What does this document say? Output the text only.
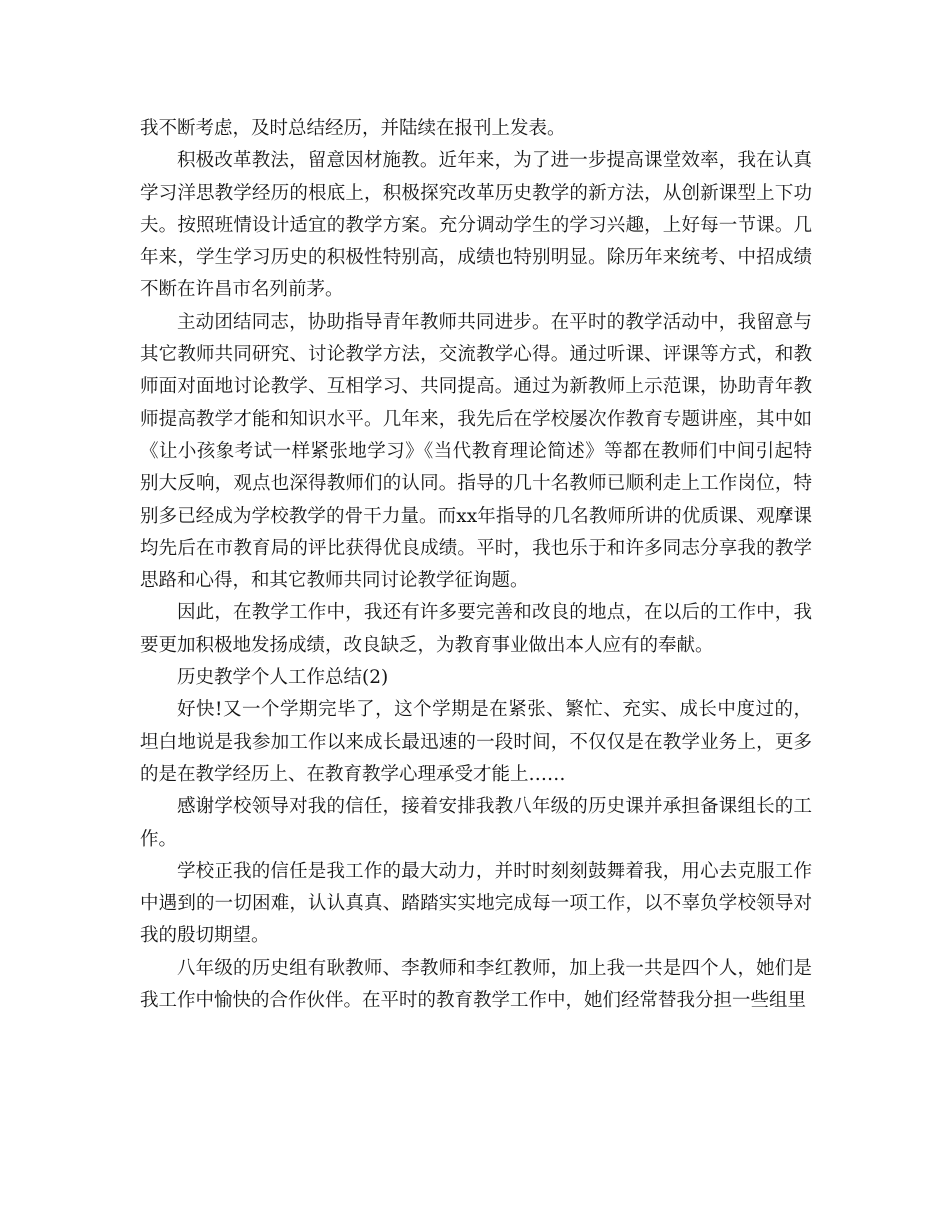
我不断考虑，及时总结经历，并陆续在报刊上发表。

积极改革教法，留意因材施教。近年来，为了进一步提高课堂效率，我在认真学习洋思教学经历的根底上，积极探究改革历史教学的新方法，从创新课型上下功夫。按照班情设计适宜的教学方案。充分调动学生的学习兴趣，上好每一节课。几年来，学生学习历史的积极性特别高，成绩也特别明显。除历年来统考、中招成绩不断在许昌市名列前茅。

主动团结同志，协助指导青年教师共同进步。在平时的教学活动中，我留意与其它教师共同研究、讨论教学方法，交流教学心得。通过听课、评课等方式，和教师面对面地讨论教学、互相学习、共同提高。通过为新教师上示范课，协助青年教师提高教学才能和知识水平。几年来，我先后在学校屡次作教育专题讲座，其中如《让小孩象考试一样紧张地学习》《当代教育理论简述》等都在教师们中间引起特别大反响，观点也深得教师们的认同。指导的几十名教师已顺利走上工作岗位，特别多已经成为学校教学的骨干力量。而xx年指导的几名教师所讲的优质课、观摩课均先后在市教育局的评比获得优良成绩。平时，我也乐于和许多同志分享我的教学思路和心得，和其它教师共同讨论教学征询题。

因此，在教学工作中，我还有许多要完善和改良的地点，在以后的工作中，我要更加积极地发扬成绩，改良缺乏，为教育事业做出本人应有的奉献。

历史教学个人工作总结(2)

好快!又一个学期完毕了，这个学期是在紧张、繁忙、充实、成长中度过的，坦白地说是我参加工作以来成长最迅速的一段时间，不仅仅是在教学业务上，更多的是在教学经历上、在教育教学心理承受才能上……

感谢学校领导对我的信任，接着安排我教八年级的历史课并承担备课组长的工作。

学校正我的信任是我工作的最大动力，并时时刻刻鼓舞着我，用心去克服工作中遇到的一切困难，认认真真、踏踏实实地完成每一项工作，以不辜负学校领导对我的殷切期望。

八年级的历史组有耿教师、李教师和李红教师，加上我一共是四个人，她们是我工作中愉快的合作伙伴。在平时的教育教学工作中，她们经常替我分担一些组里
